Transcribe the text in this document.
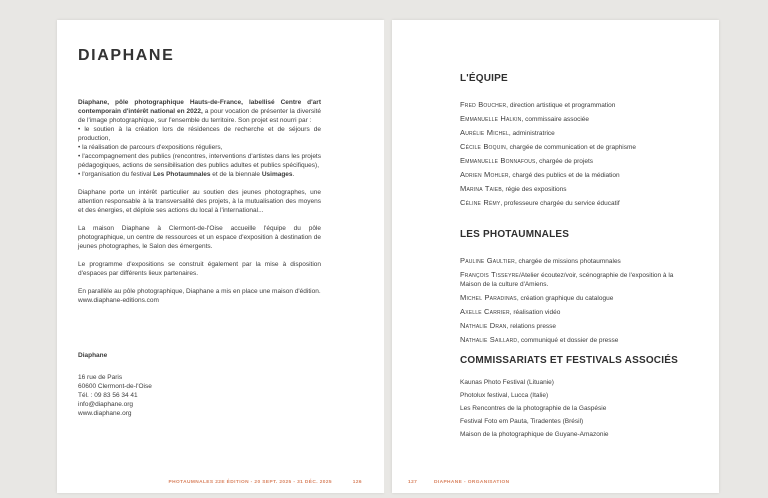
DIAPHANE

Diaphane, pôle photographique Hauts-de-France, labellisé Centre d'art contemporain d'intérêt national en 2022, a pour vocation de présenter la diversité de l'image photographique, sur l'ensemble du territoire. Son projet est nourri par :

• le soutien à la création lors de résidences de recherche et de séjours de production,

• la réalisation de parcours d'expositions réguliers,

• l'accompagnement des publics (rencontres, interventions d'artistes dans les projets pédagogiques, actions de sensibilisation des publics adultes et publics spécifiques),

• l'organisation du festival Les Photaumnales et de la biennale Usimages.

Diaphane porte un intérêt particulier au soutien des jeunes photographes, une attention responsable à la transversalité des projets, à la mutualisation des moyens et des énergies, et déploie ses actions du local à l'international...

La maison Diaphane à Clermont-de-l'Oise accueille l'équipe du pôle photographique, un centre de ressources et un espace d'exposition à destination de jeunes photographes, le Salon des émergents.

Le programme d'expositions se construit également par la mise à disposition d'espaces par différents lieux partenaires.

En parallèle au pôle photographique, Diaphane a mis en place une maison d'édition.

www.diaphane-editions.com

Diaphane

16 rue de Paris

60600 Clermont-de-l'Oise

Tél. : 09 83 56 34 41

info@diaphane.org

www.diaphane.org

PHOTAUMNALES 22E ÉDITION - 20 SEPT. 2025 - 31 DÉC. 2025	126
L'ÉQUIPE

Fred Boucher, direction artistique et programmation

Emmanuelle Halkin, commissaire associée

Aurélie Michel, administratrice

Cécile Boquin, chargée de communication et de graphisme

Emmanuelle Bonnafous, chargée de projets

Adrien Mohler, chargé des publics et de la médiation

Marina Taieb, régie des expositions

Céline Rémy, professeure chargée du service éducatif

LES PHOTAUMNALES

Pauline Gaultier, chargée de missions photaumnales

François Tisseyre/Atelier écoutez/voir, scénographie de l'exposition à la Maison de la culture d'Amiens.

Michel Paradinas, création graphique du catalogue

Axelle Carrier, réalisation vidéo

Nathalie Dran, relations presse

Nathalie Saillard, communiqué et dossier de presse

COMMISSARIATS ET FESTIVALS ASSOCIÉS

Kaunas Photo Festival (Lituanie)

Photolux festival, Lucca (Italie)

Les Rencontres de la photographie de la Gaspésie

Festival Foto em Pauta, Tiradentes (Brésil)

Maison de la photographique de Guyane-Amazonie

127	DIAPHANE - ORGANISATION
